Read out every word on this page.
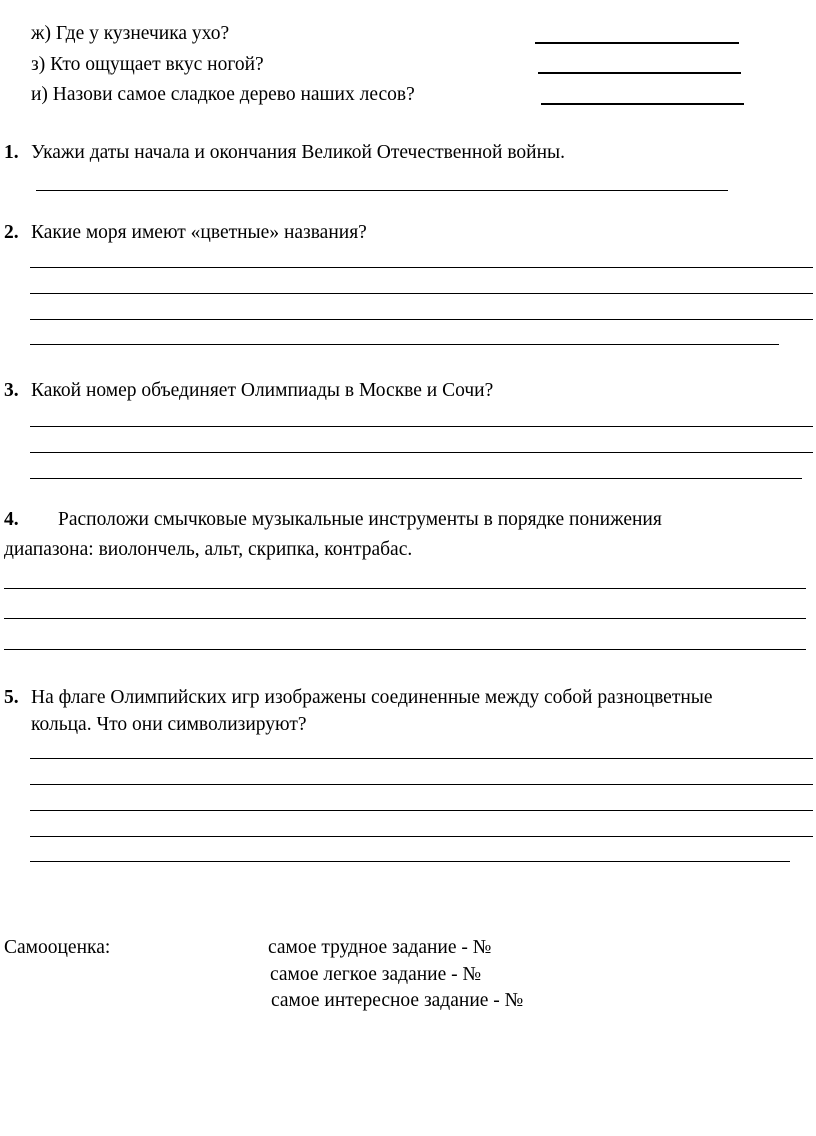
ж) Где у кузнечика ухо?
з) Кто ощущает вкус ногой?
и) Назови самое сладкое дерево наших лесов?
1. Укажи даты начала и окончания Великой Отечественной войны.
2. Какие моря имеют «цветные» названия?
3. Какой номер объединяет Олимпиады в Москве и Сочи?
4. Расположи смычковые музыкальные инструменты в порядке понижения
диапазона: виолончель, альт, скрипка, контрабас.
5. На флаге Олимпийских игр изображены соединенные между собой разноцветные
кольца. Что они символизируют?
Самооценка:	самое трудное задание - №
самое легкое задание - №
самое интересное задание - №
